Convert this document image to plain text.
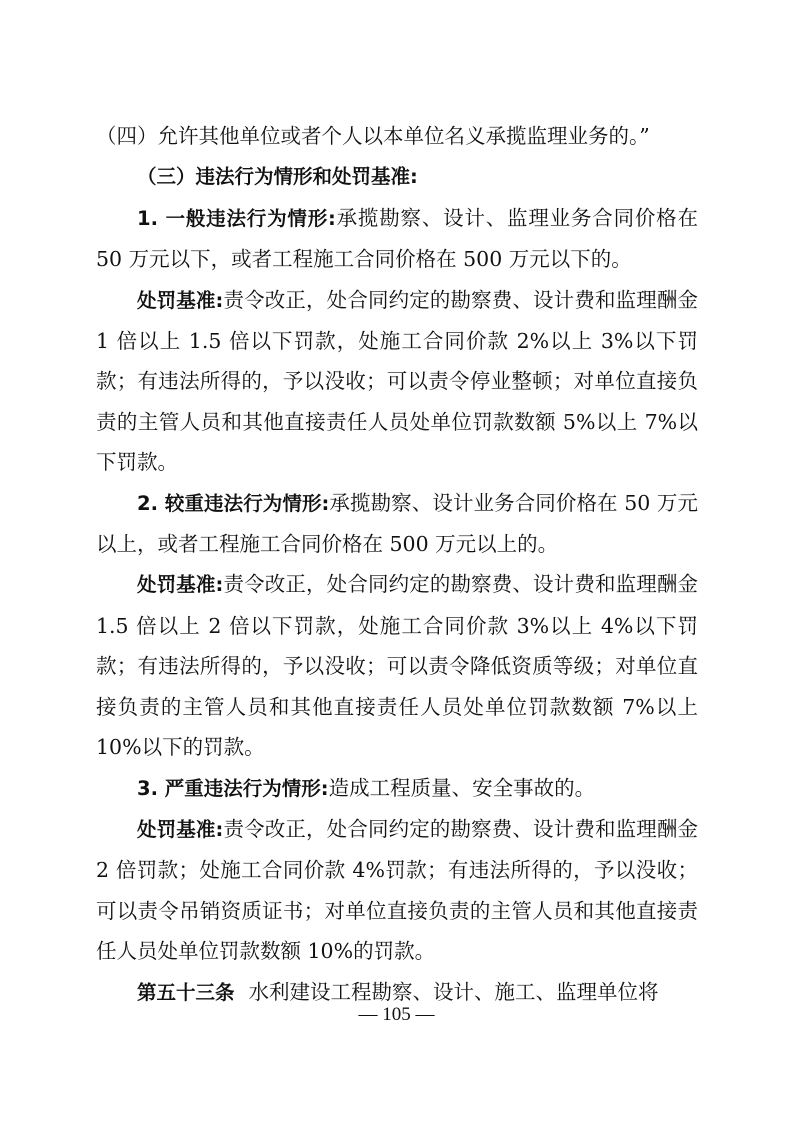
（四）允许其他单位或者个人以本单位名义承揽监理业务的。”

（三）违法行为情形和处罚基准:

1. 一般违法行为情形:承揽勘察、设计、监理业务合同价格在 50 万元以下，或者工程施工合同价格在 500 万元以下的。

处罚基准:责令改正，处合同约定的勘察费、设计费和监理酬金 1 倍以上 1.5 倍以下罚款，处施工合同价款 2%以上 3%以下罚款；有违法所得的，予以没收；可以责令停业整顿；对单位直接负责的主管人员和其他直接责任人员处单位罚款数额 5%以上 7%以下罚款。

2. 较重违法行为情形:承揽勘察、设计业务合同价格在 50 万元以上，或者工程施工合同价格在 500 万元以上的。

处罚基准:责令改正，处合同约定的勘察费、设计费和监理酬金 1.5 倍以上 2 倍以下罚款，处施工合同价款 3%以上 4%以下罚款；有违法所得的，予以没收；可以责令降低资质等级；对单位直接负责的主管人员和其他直接责任人员处单位罚款数额 7%以上 10%以下的罚款。

3. 严重违法行为情形:造成工程质量、安全事故的。

处罚基准:责令改正，处合同约定的勘察费、设计费和监理酬金 2 倍罚款；处施工合同价款 4%罚款；有违法所得的，予以没收；可以责令吊销资质证书；对单位直接负责的主管人员和其他直接责任人员处单位罚款数额 10%的罚款。

第五十三条 水利建设工程勘察、设计、施工、监理单位将

— 105 —
